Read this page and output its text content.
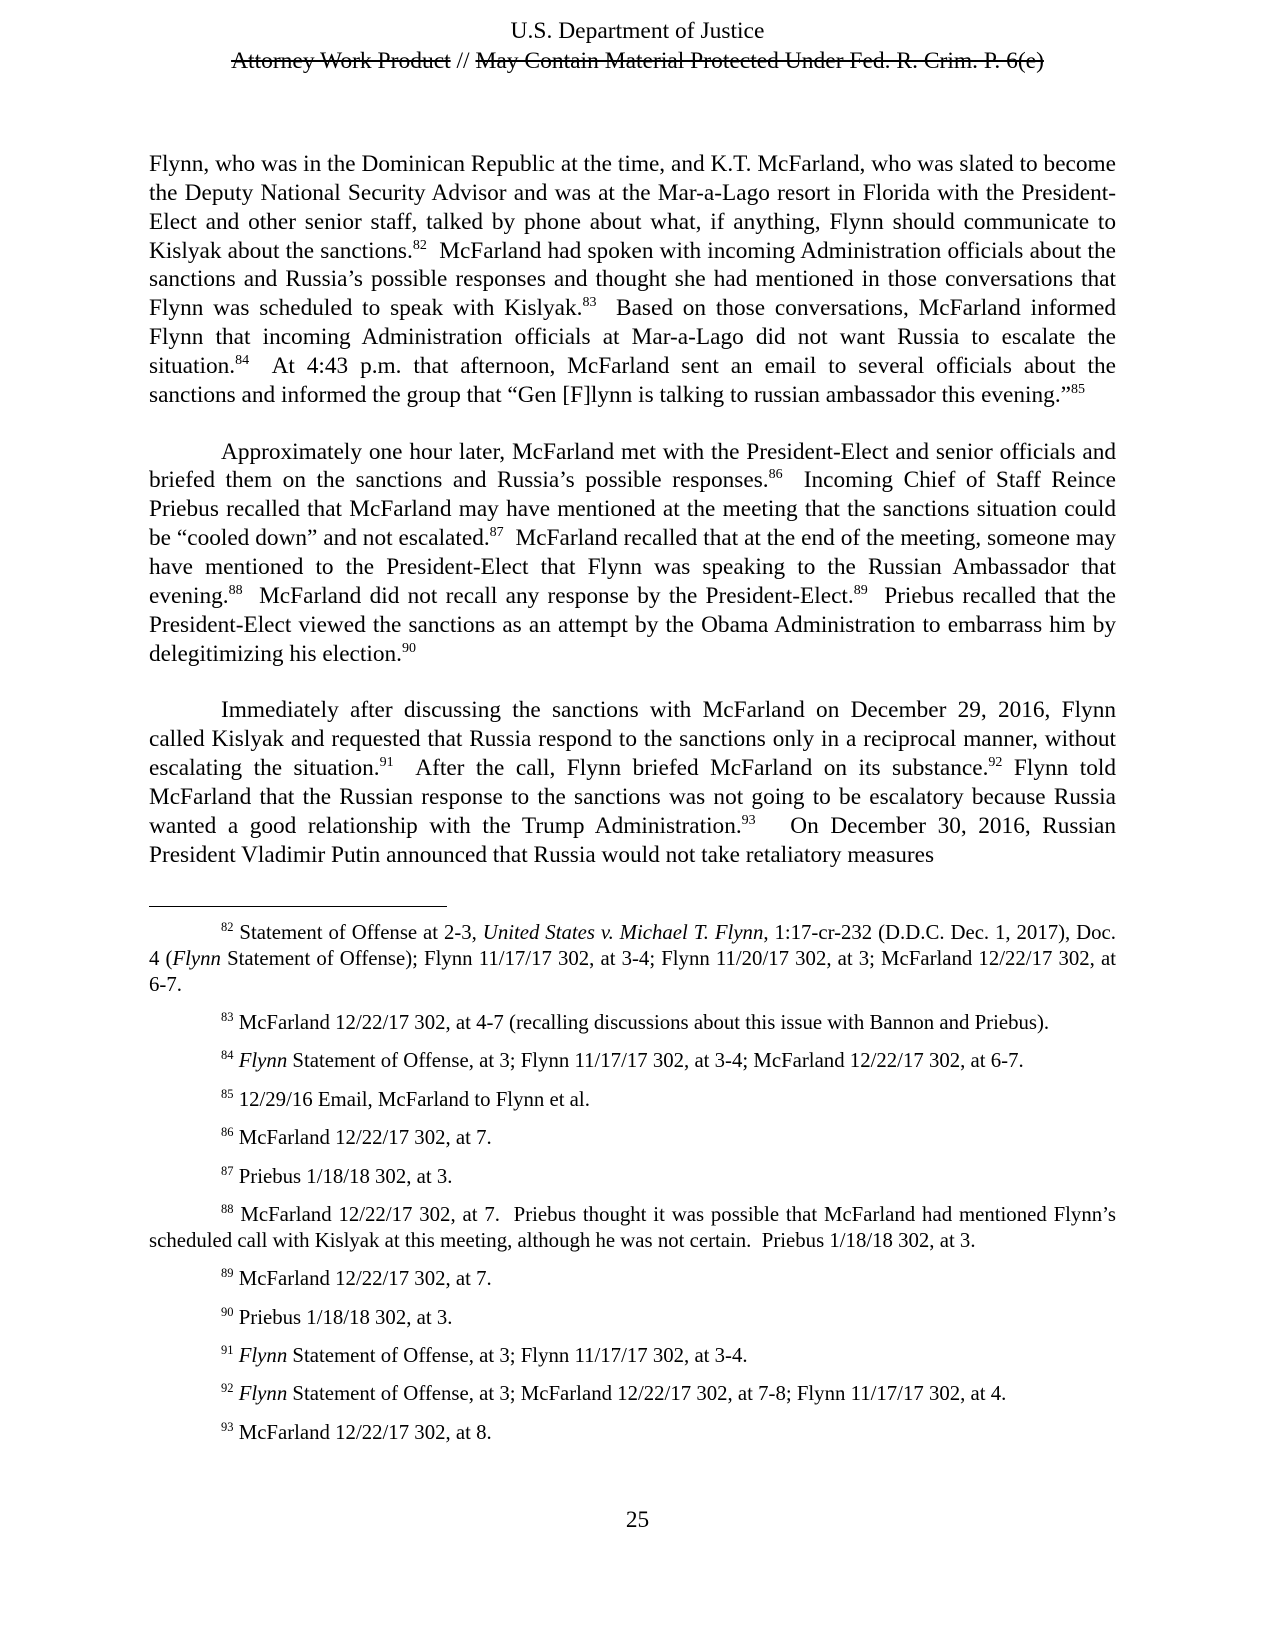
U.S. Department of Justice
Attorney Work Product // May Contain Material Protected Under Fed. R. Crim. P. 6(e)

Flynn, who was in the Dominican Republic at the time, and K.T. McFarland, who was slated to become the Deputy National Security Advisor and was at the Mar-a-Lago resort in Florida with the President-Elect and other senior staff, talked by phone about what, if anything, Flynn should communicate to Kislyak about the sanctions.$^{82}$  McFarland had spoken with incoming Administration officials about the sanctions and Russia’s possible responses and thought she had mentioned in those conversations that Flynn was scheduled to speak with Kislyak.$^{83}$  Based on those conversations, McFarland informed Flynn that incoming Administration officials at Mar-a-Lago did not want Russia to escalate the situation.$^{84}$  At 4:43 p.m. that afternoon, McFarland sent an email to several officials about the sanctions and informed the group that “Gen [F]lynn is talking to russian ambassador this evening.”$^{85}$

Approximately one hour later, McFarland met with the President-Elect and senior officials and briefed them on the sanctions and Russia’s possible responses.$^{86}$  Incoming Chief of Staff Reince Priebus recalled that McFarland may have mentioned at the meeting that the sanctions situation could be “cooled down” and not escalated.$^{87}$  McFarland recalled that at the end of the meeting, someone may have mentioned to the President-Elect that Flynn was speaking to the Russian Ambassador that evening.$^{88}$  McFarland did not recall any response by the President-Elect.$^{89}$  Priebus recalled that the President-Elect viewed the sanctions as an attempt by the Obama Administration to embarrass him by delegitimizing his election.$^{90}$

Immediately after discussing the sanctions with McFarland on December 29, 2016, Flynn called Kislyak and requested that Russia respond to the sanctions only in a reciprocal manner, without escalating the situation.$^{91}$  After the call, Flynn briefed McFarland on its substance.$^{92}$ Flynn told McFarland that the Russian response to the sanctions was not going to be escalatory because Russia wanted a good relationship with the Trump Administration.$^{93}$   On December 30, 2016, Russian President Vladimir Putin announced that Russia would not take retaliatory measures

$^{82}$ Statement of Offense at 2-3, United States v. Michael T. Flynn, 1:17-cr-232 (D.D.C. Dec. 1, 2017), Doc. 4 (Flynn Statement of Offense); Flynn 11/17/17 302, at 3-4; Flynn 11/20/17 302, at 3; McFarland 12/22/17 302, at 6-7.

$^{83}$ McFarland 12/22/17 302, at 4-7 (recalling discussions about this issue with Bannon and Priebus).

$^{84}$ Flynn Statement of Offense, at 3; Flynn 11/17/17 302, at 3-4; McFarland 12/22/17 302, at 6-7.

$^{85}$ 12/29/16 Email, McFarland to Flynn et al.

$^{86}$ McFarland 12/22/17 302, at 7.

$^{87}$ Priebus 1/18/18 302, at 3.

$^{88}$ McFarland 12/22/17 302, at 7.  Priebus thought it was possible that McFarland had mentioned Flynn’s scheduled call with Kislyak at this meeting, although he was not certain.  Priebus 1/18/18 302, at 3.

$^{89}$ McFarland 12/22/17 302, at 7.

$^{90}$ Priebus 1/18/18 302, at 3.

$^{91}$ Flynn Statement of Offense, at 3; Flynn 11/17/17 302, at 3-4.

$^{92}$ Flynn Statement of Offense, at 3; McFarland 12/22/17 302, at 7-8; Flynn 11/17/17 302, at 4.

$^{93}$ McFarland 12/22/17 302, at 8.

25
